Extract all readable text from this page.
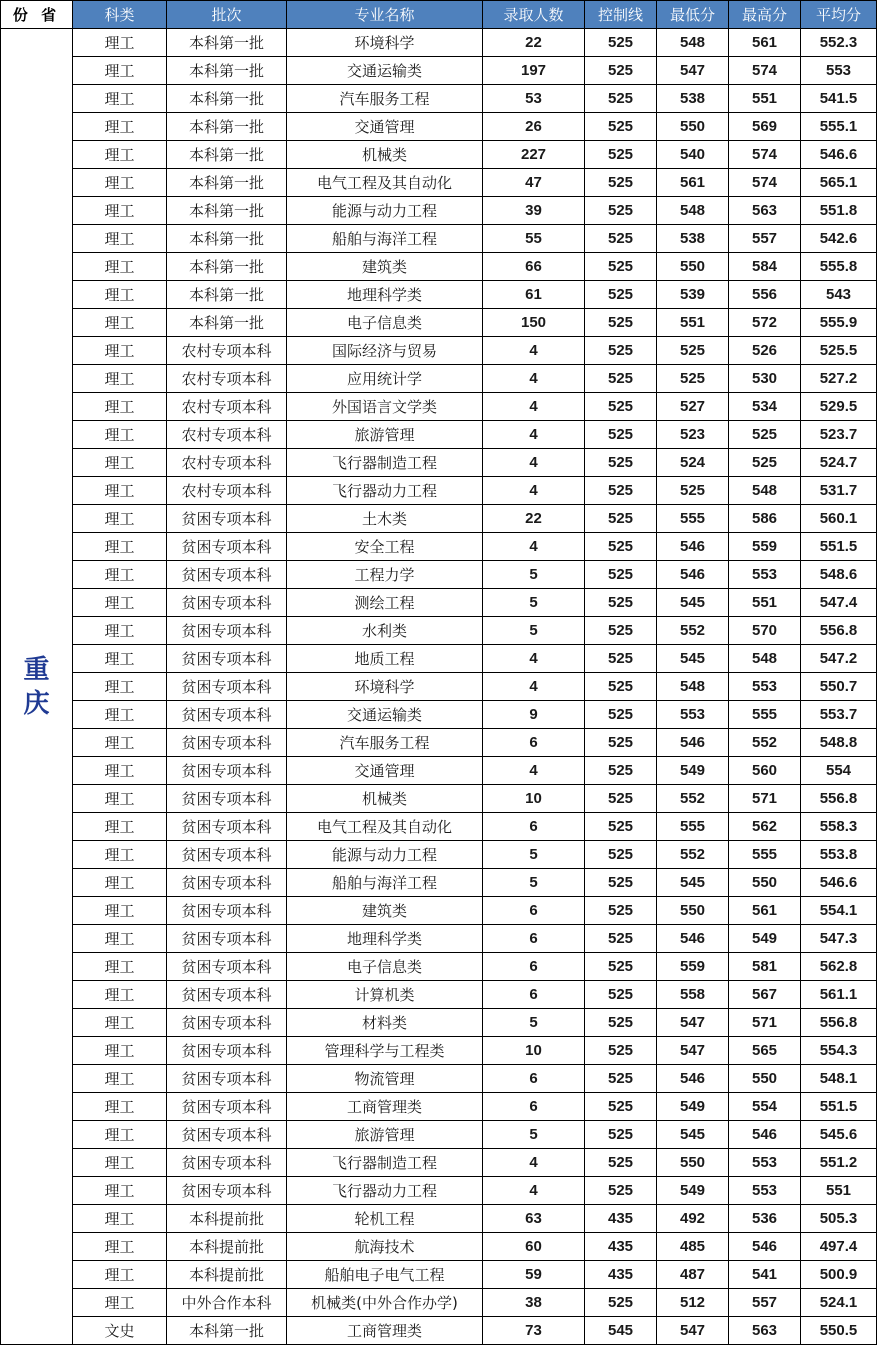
份 省	科类	批次	专业名称	录取人数	控制线	最低分	最高分	平均分

重庆	理工	本科第一批	环境科学	22	525	548	561	552.3
	理工	本科第一批	交通运输类	197	525	547	574	553
	理工	本科第一批	汽车服务工程	53	525	538	551	541.5
	理工	本科第一批	交通管理	26	525	550	569	555.1
	理工	本科第一批	机械类	227	525	540	574	546.6
	理工	本科第一批	电气工程及其自动化	47	525	561	574	565.1
	理工	本科第一批	能源与动力工程	39	525	548	563	551.8
	理工	本科第一批	船舶与海洋工程	55	525	538	557	542.6
	理工	本科第一批	建筑类	66	525	550	584	555.8
	理工	本科第一批	地理科学类	61	525	539	556	543
	理工	本科第一批	电子信息类	150	525	551	572	555.9
	理工	农村专项本科	国际经济与贸易	4	525	525	526	525.5
	理工	农村专项本科	应用统计学	4	525	525	530	527.2
	理工	农村专项本科	外国语言文学类	4	525	527	534	529.5
	理工	农村专项本科	旅游管理	4	525	523	525	523.7
	理工	农村专项本科	飞行器制造工程	4	525	524	525	524.7
	理工	农村专项本科	飞行器动力工程	4	525	525	548	531.7
	理工	贫困专项本科	土木类	22	525	555	586	560.1
	理工	贫困专项本科	安全工程	4	525	546	559	551.5
	理工	贫困专项本科	工程力学	5	525	546	553	548.6
	理工	贫困专项本科	测绘工程	5	525	545	551	547.4
	理工	贫困专项本科	水利类	5	525	552	570	556.8
	理工	贫困专项本科	地质工程	4	525	545	548	547.2
	理工	贫困专项本科	环境科学	4	525	548	553	550.7
	理工	贫困专项本科	交通运输类	9	525	553	555	553.7
	理工	贫困专项本科	汽车服务工程	6	525	546	552	548.8
	理工	贫困专项本科	交通管理	4	525	549	560	554
	理工	贫困专项本科	机械类	10	525	552	571	556.8
	理工	贫困专项本科	电气工程及其自动化	6	525	555	562	558.3
	理工	贫困专项本科	能源与动力工程	5	525	552	555	553.8
	理工	贫困专项本科	船舶与海洋工程	5	525	545	550	546.6
	理工	贫困专项本科	建筑类	6	525	550	561	554.1
	理工	贫困专项本科	地理科学类	6	525	546	549	547.3
	理工	贫困专项本科	电子信息类	6	525	559	581	562.8
	理工	贫困专项本科	计算机类	6	525	558	567	561.1
	理工	贫困专项本科	材料类	5	525	547	571	556.8
	理工	贫困专项本科	管理科学与工程类	10	525	547	565	554.3
	理工	贫困专项本科	物流管理	6	525	546	550	548.1
	理工	贫困专项本科	工商管理类	6	525	549	554	551.5
	理工	贫困专项本科	旅游管理	5	525	545	546	545.6
	理工	贫困专项本科	飞行器制造工程	4	525	550	553	551.2
	理工	贫困专项本科	飞行器动力工程	4	525	549	553	551
	理工	本科提前批	轮机工程	63	435	492	536	505.3
	理工	本科提前批	航海技术	60	435	485	546	497.4
	理工	本科提前批	船舶电子电气工程	59	435	487	541	500.9
	理工	中外合作本科	机械类(中外合作办学)	38	525	512	557	524.1
	文史	本科第一批	工商管理类	73	545	547	563	550.5
